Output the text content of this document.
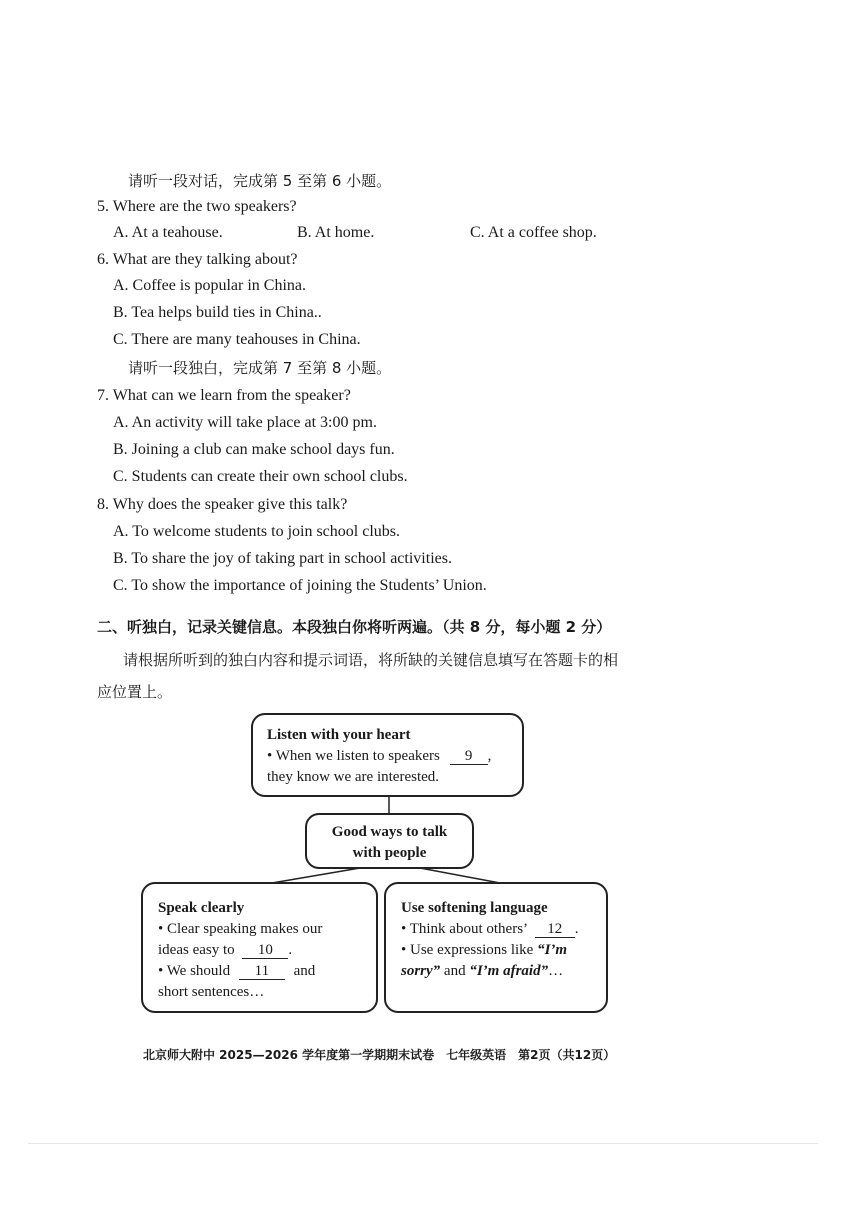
请听一段对话，完成第 5 至第 6 小题。
5. Where are the two speakers?
A. At a teahouse.	B. At home.	C. At a coffee shop.
6. What are they talking about?
A. Coffee is popular in China.
B. Tea helps build ties in China..
C. There are many teahouses in China.
请听一段独白，完成第 7 至第 8 小题。
7. What can we learn from the speaker?
A. An activity will take place at 3:00 pm.
B. Joining a club can make school days fun.
C. Students can create their own school clubs.
8. Why does the speaker give this talk?
A. To welcome students to join school clubs.
B. To share the joy of taking part in school activities.
C. To show the importance of joining the Students’ Union.
二、听独白，记录关键信息。本段独白你将听两遍。（共 8 分，每小题 2 分）
请根据所听到的独白内容和提示词语，将所缺的关键信息填写在答题卡的相
应位置上。
Listen with your heart
• When we listen to speakers 9 ,
they know we are interested.
Good ways to talk
with people
Speak clearly
• Clear speaking makes our
ideas easy to 10 .
• We should 11 and
short sentences…
Use softening language
• Think about others’ 12 .
• Use expressions like “I’m
sorry” and “I’m afraid”…
北京师大附中 2025—2026 学年度第一学期期末试卷　七年级英语　第2页（共12页）
